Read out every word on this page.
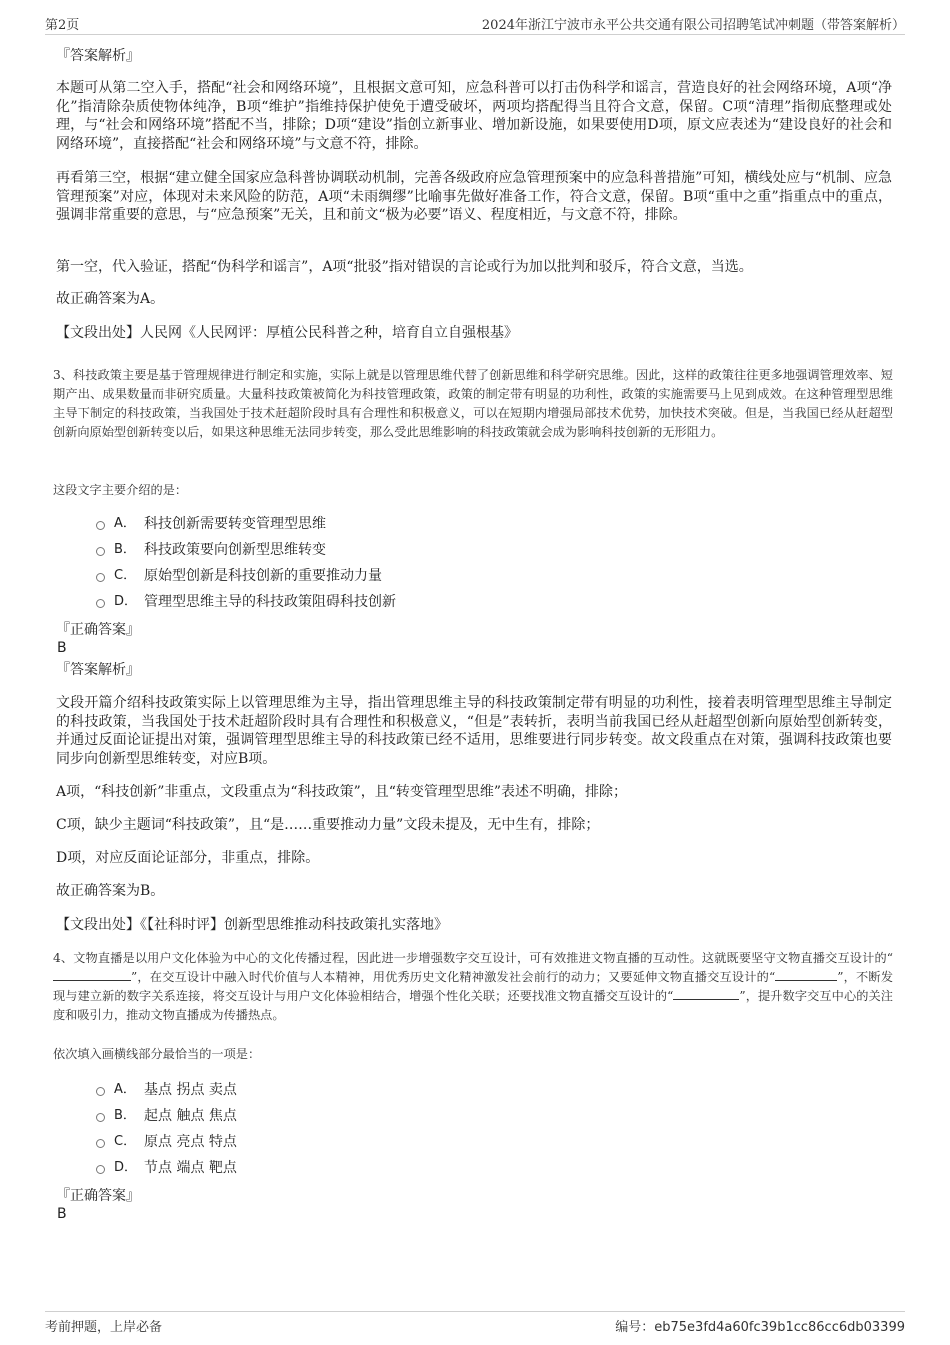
第2页	2024年浙江宁波市永平公共交通有限公司招聘笔试冲刺题（带答案解析）

『答案解析』

本题可从第二空入手，搭配“社会和网络环境”，且根据文意可知，应急科普可以打击伪科学和谣言，营造良好的社会网络环境，A项“净化”指清除杂质使物体纯净，B项“维护”指维持保护使免于遭受破坏，两项均搭配得当且符合文意，保留。C项“清理”指彻底整理或处理，与“社会和网络环境”搭配不当，排除；D项“建设”指创立新事业、增加新设施，如果要使用D项，原文应表述为“建设良好的社会和网络环境”，直接搭配“社会和网络环境”与文意不符，排除。

再看第三空，根据“建立健全国家应急科普协调联动机制，完善各级政府应急管理预案中的应急科普措施”可知，横线处应与“机制、应急管理预案”对应，体现对未来风险的防范，A项“未雨绸缪”比喻事先做好准备工作，符合文意，保留。B项“重中之重”指重点中的重点，强调非常重要的意思，与“应急预案”无关，且和前文“极为必要”语义、程度相近，与文意不符，排除。

第一空，代入验证，搭配“伪科学和谣言”，A项“批驳”指对错误的言论或行为加以批判和驳斥，符合文意，当选。

故正确答案为A。

【文段出处】人民网《人民网评：厚植公民科普之种，培育自立自强根基》

3、科技政策主要是基于管理规律进行制定和实施，实际上就是以管理思维代替了创新思维和科学研究思维。因此，这样的政策往往更多地强调管理效率、短期产出、成果数量而非研究质量。大量科技政策被简化为科技管理政策，政策的制定带有明显的功利性，政策的实施需要马上见到成效。在这种管理型思维主导下制定的科技政策，当我国处于技术赶超阶段时具有合理性和积极意义，可以在短期内增强局部技术优势，加快技术突破。但是，当我国已经从赶超型创新向原始型创新转变以后，如果这种思维无法同步转变，那么受此思维影响的科技政策就会成为影响科技创新的无形阻力。

这段文字主要介绍的是：

A． 科技创新需要转变管理型思维
B． 科技政策要向创新型思维转变
C． 原始型创新是科技创新的重要推动力量
D． 管理型思维主导的科技政策阻碍科技创新

『正确答案』

B

『答案解析』

文段开篇介绍科技政策实际上以管理思维为主导，指出管理思维主导的科技政策制定带有明显的功利性，接着表明管理型思维主导制定的科技政策，当我国处于技术赶超阶段时具有合理性和积极意义，“但是”表转折，表明当前我国已经从赶超型创新向原始型创新转变，并通过反面论证提出对策，强调管理型思维主导的科技政策已经不适用，思维要进行同步转变。故文段重点在对策，强调科技政策也要同步向创新型思维转变，对应B项。

A项，“科技创新”非重点，文段重点为“科技政策”，且“转变管理型思维”表述不明确，排除；

C项，缺少主题词“科技政策”，且“是……重要推动力量”文段未提及，无中生有，排除；

D项，对应反面论证部分，非重点，排除。

故正确答案为B。

【文段出处】《【社科时评】创新型思维推动科技政策扎实落地》

4、文物直播是以用户文化体验为中心的文化传播过程，因此进一步增强数字交互设计，可有效推进文物直播的互动性。这就既要坚守文物直播交互设计的“”，在交互设计中融入时代价值与人本精神，用优秀历史文化精神激发社会前行的动力；又要延伸文物直播交互设计的“	”，不断发现与建立新的数字关系连接，将交互设计与用户文化体验相结合，增强个性化关联；还要找准文物直播交互设计的“	”，提升数字交互中心的关注度和吸引力，推动文物直播成为传播热点。

依次填入画横线部分最恰当的一项是：

A． 基点 拐点 卖点
B． 起点 触点 焦点
C． 原点 亮点 特点
D． 节点 端点 靶点

『正确答案』

B

考前押题，上岸必备	编号：eb75e3fd4a60fc39b1cc86cc6db03399
